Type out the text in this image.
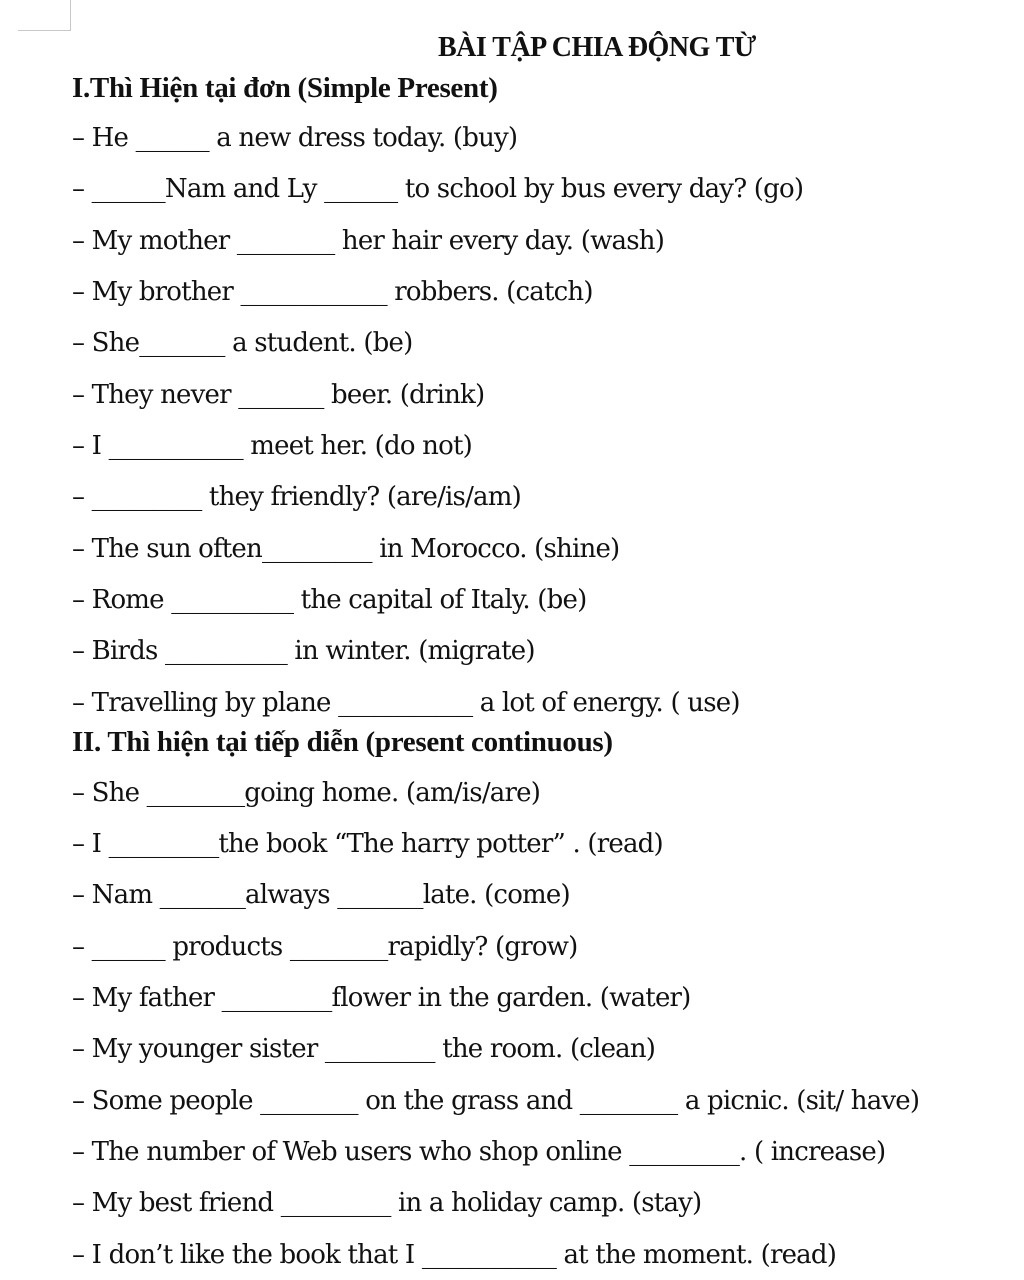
BÀI TẬP CHIA ĐỘNG TỪ
I.Thì Hiện tại đơn (Simple Present)
– He ______ a new dress today. (buy)
– ______Nam and Ly ______ to school by bus every day? (go)
– My mother ________ her hair every day. (wash)
– My brother ____________ robbers. (catch)
– She_______ a student. (be)
– They never _______ beer. (drink)
– I ___________ meet her. (do not)
– _________ they friendly? (are/is/am)
– The sun often_________ in Morocco. (shine)
– Rome __________ the capital of Italy. (be)
– Birds __________ in winter. (migrate)
– Travelling by plane ___________ a lot of energy. ( use)
II. Thì hiện tại tiếp diễn (present continuous)
– She ________going home. (am/is/are)
– I _________the book “The harry potter” . (read)
– Nam _______always _______late. (come)
– ______ products ________rapidly? (grow)
– My father _________flower in the garden. (water)
– My younger sister _________ the room. (clean)
– Some people ________ on the grass and ________ a picnic. (sit/ have)
– The number of Web users who shop online _________. ( increase)
– My best friend _________ in a holiday camp. (stay)
– I don’t like the book that I ___________ at the moment. (read)
